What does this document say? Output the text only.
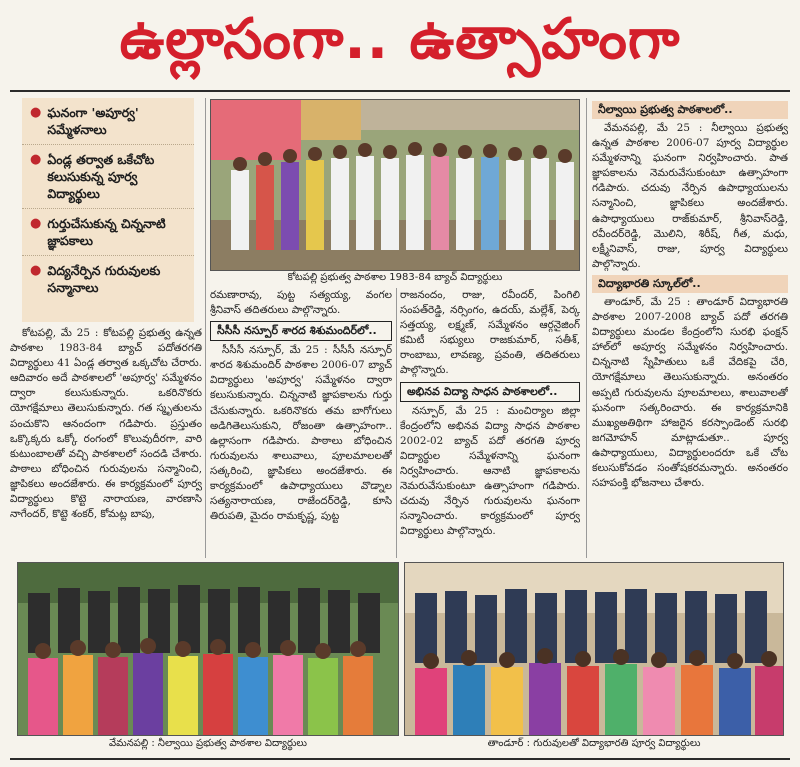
ఉల్లాసంగా.. ఉత్సాహంగా
● ఘనంగా 'అపూర్వ' సమ్మేళనాలు
● ఏండ్ల తర్వాత ఒకేచోట కలుసుకున్న పూర్వ విద్యార్థులు
● గుర్తుచేసుకున్న చిన్ననాటి జ్ఞాపకాలు
● విద్యనేర్పిన గురువులకు సన్మానాలు
కోటపల్లి ప్రభుత్వ పాఠశాల 1983-84 బ్యాచ్ విద్యార్థులు

కోటపల్లి, మే 25 : కోటపల్లి ప్రభుత్వ ఉన్నత పాఠశాల 1983-84 బ్యాచ్ పదోతరగతి విద్యార్థులు 41 ఏండ్ల తర్వాత ఒక్కచోట చేరారు. ఆదివారం అదే పాఠశాలలో 'అపూర్వ' సమ్మేళనం ద్వారా కలుసుకున్నారు. ఒకరినొకరు యోగక్షేమాలు తెలుసుకున్నారు. గత స్మృతులను పంచుకొని ఆనందంగా గడిపారు. ప్రస్తుతం ఒక్కొక్కరు ఒక్కో రంగంలో కొలువుదీరగా, వారి కుటుంబాలతో వచ్చి పాఠశాలలో సందడి చేశారు. పాఠాలు బోధించిన గురువులను సన్మానించి, జ్ఞాపికలు అందజేశారు. ఈ కార్యక్రమంలో పూర్వ విద్యార్థులు కొట్టె నారాయణ, వారణాసి నాగేందర్, కొట్టె శంకర్, కోమట్ల బాపు,

రమణారావు, పుట్ట సత్యయ్య, వంగల శ్రీనివాస్ తదితరులు పాల్గొన్నారు.

సీసీసీ నస్పూర్ శారద శిశుమందిర్‌లో..

సీసీసీ నస్పూర్, మే 25 : సీసీసీ నస్పూర్ శారద శిశుమందిర్ పాఠశాల 2006-07 బ్యాచ్ విద్యార్థులు 'అపూర్వ' సమ్మేళనం ద్వారా కలుసుకున్నారు. చిన్ననాటి జ్ఞాపకాలను గుర్తు చేసుకున్నారు. ఒకరినొకరు తమ బాగోగులు అడిగితెలుసుకుని, రోజంతా ఉత్సాహంగా.. ఉల్లాసంగా గడిపారు. పాఠాలు బోధించిన గురువులను శాలువాలు, పూలమాలలతో సత్కరించి, జ్ఞాపికలు అందజేశారు. ఈ కార్యక్రమంలో ఉపాధ్యాయులు వొడ్నాల సత్యనారాయణ, రాజేందర్‌రెడ్డి, కూసి తిరుపతి, మైదం రామకృష్ణ, పుట్ట

రాజనందం, రాజు, రవీందర్, పింగిలి సంపత్‌రెడ్డి, నర్సింగం, ఉదయ్, మల్లేశ్, పెర్క సత్తయ్య, లక్ష్మణ్, సమ్మేళనం ఆర్గనైజింగ్ కమిటీ సభ్యులు రాజకుమార్, సతీశ్, రాంబాబు, లావణ్య, ప్రవంతి, తదితరులు పాల్గొన్నారు.

అభినవ విద్యా సాధన పాఠశాలలో..

నస్పూర్, మే 25 : మంచిర్యాల జిల్లా కేంద్రంలోని అభినవ విద్యా సాధన పాఠశాల 2002-02 బ్యాచ్ పదో తరగతి పూర్వ విద్యార్థుల సమ్మేళనాన్ని ఘనంగా నిర్వహించారు. ఆనాటి జ్ఞాపకాలను నెమరువేసుకుంటూ ఉత్సాహంగా గడిపారు. చదువు నేర్పిన గురువులను ఘనంగా సన్మానించారు. కార్యక్రమంలో పూర్వ విద్యార్థులు పాల్గొన్నారు.

నీల్వాయి ప్రభుత్వ పాఠశాలలో..

వేమనపల్లి, మే 25 : నీల్వాయి ప్రభుత్వ ఉన్నత పాఠశాల 2006-07 పూర్వ విద్యార్థుల సమ్మేళనాన్ని ఘనంగా నిర్వహించారు. పాత జ్ఞాపకాలను నెమరువేసుకుంటూ ఉత్సాహంగా గడిపారు. చదువు నేర్పిన ఉపాధ్యాయులను సన్మానించి, జ్ఞాపికలు అందజేశారు. ఉపాధ్యాయులు రాజ్‌కుమార్, శ్రీనివాస్‌రెడ్డి, రవీందర్‌రెడ్డి, మొలిని, శిరీష్, గీత, మధు, లక్ష్మీనివాస్, రాజు, పూర్వ విద్యార్థులు పాల్గొన్నారు.

విద్యాభారతి స్కూల్‌లో..

తాండూర్, మే 25 : తాండూర్ విద్యాభారతి పాఠశాల 2007-2008 బ్యాచ్ పదో తరగతి విద్యార్థులు మండల కేంద్రంలోని సురభి ఫంక్షన్ హాల్‌లో అపూర్వ సమ్మేళనం నిర్వహించారు. చిన్ననాటి స్నేహితులు ఒకే వేదికపై చేరి, యోగక్షేమాలు తెలుసుకున్నారు. అనంతరం అప్పటి గురువులను పూలమాలలు, శాలువాలతో ఘనంగా సత్కరించారు. ఈ కార్యక్రమానికి ముఖ్యఅతిథిగా హాజరైన కరస్పాండెంట్ సురభి జగమోహన్ మాట్లాడుతూ.. పూర్వ ఉపాధ్యాయులు, విద్యార్థులందరూ ఒకే చోట కలుసుకోవడం సంతోషకరమన్నారు. అనంతరం సహపంక్తి భోజనాలు చేశారు.

వేమనపల్లి : నీల్వాయి ప్రభుత్వ పాఠశాల విద్యార్థులు	తాండూర్ : గురువులతో విద్యాభారతి పూర్వ విద్యార్థులు
